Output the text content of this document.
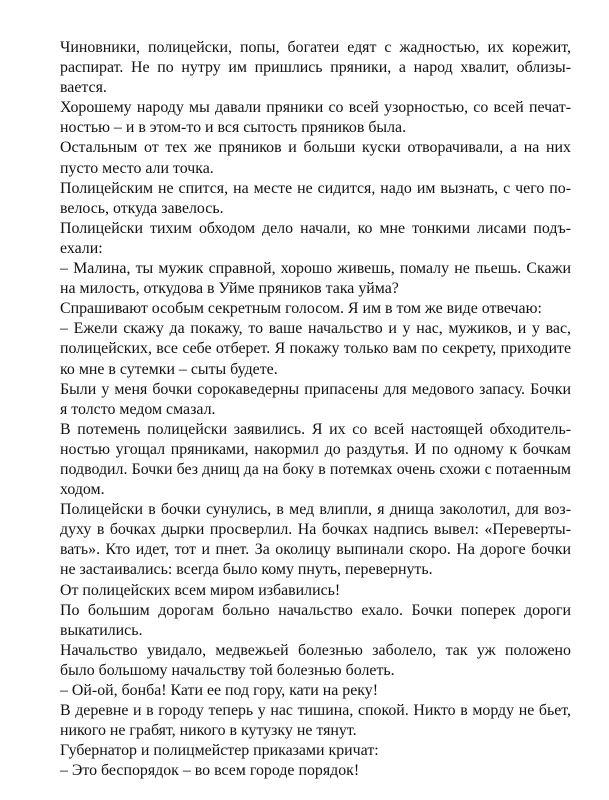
Чиновники, полицейски, попы, богатеи едят с жадностью, их корежит, распират. Не по нутру им пришлись пряники, а народ хвалит, облизывается.

Хорошему народу мы давали пряники со всей узорностью, со всей печатностью – и в этом-то и вся сытость пряников была.

Остальным от тех же пряников и больши куски отворачивали, а на них пусто место али точка.

Полицейским не спится, на месте не сидится, надо им вызнать, с чего повелось, откуда завелось.

Полицейски тихим обходом дело начали, ко мне тонкими лисами подъехали:

– Малина, ты мужик справной, хорошо живешь, помалу не пьешь. Скажи на милость, откудова в Уйме пряников така уйма?

Спрашивают особым секретным голосом. Я им в том же виде отвечаю:

– Ежели скажу да покажу, то ваше начальство и у нас, мужиков, и у вас, полицейских, все себе отберет. Я покажу только вам по секрету, приходите ко мне в сутемки – сыты будете.

Были у меня бочки сорокаведерны припасены для медового запасу. Бочки я толсто медом смазал.

В потемень полицейски заявились. Я их со всей настоящей обходительностью угощал пряниками, накормил до раздутья. И по одному к бочкам подводил. Бочки без днищ да на боку в потемках очень схожи с потаенным ходом.

Полицейски в бочки сунулись, в мед влипли, я днища заколотил, для воздуху в бочках дырки просверлил. На бочках надпись вывел: «Перевертывать». Кто идет, тот и пнет. За околицу выпинали скоро. На дороге бочки не застаивались: всегда было кому пнуть, перевернуть.

От полицейских всем миром избавились!

По большим дорогам больно начальство ехало. Бочки поперек дороги выкатились.

Начальство увидало, медвежьей болезнью заболело, так уж положено было большому начальству той болезнью болеть.

– Ой-ой, бонба! Кати ее под гору, кати на реку!

В деревне и в городу теперь у нас тишина, спокой. Никто в морду не бьет, никого не грабят, никого в кутузку не тянут.

Губернатор и полицмейстер приказами кричат:

– Это беспорядок – во всем городе порядок!
